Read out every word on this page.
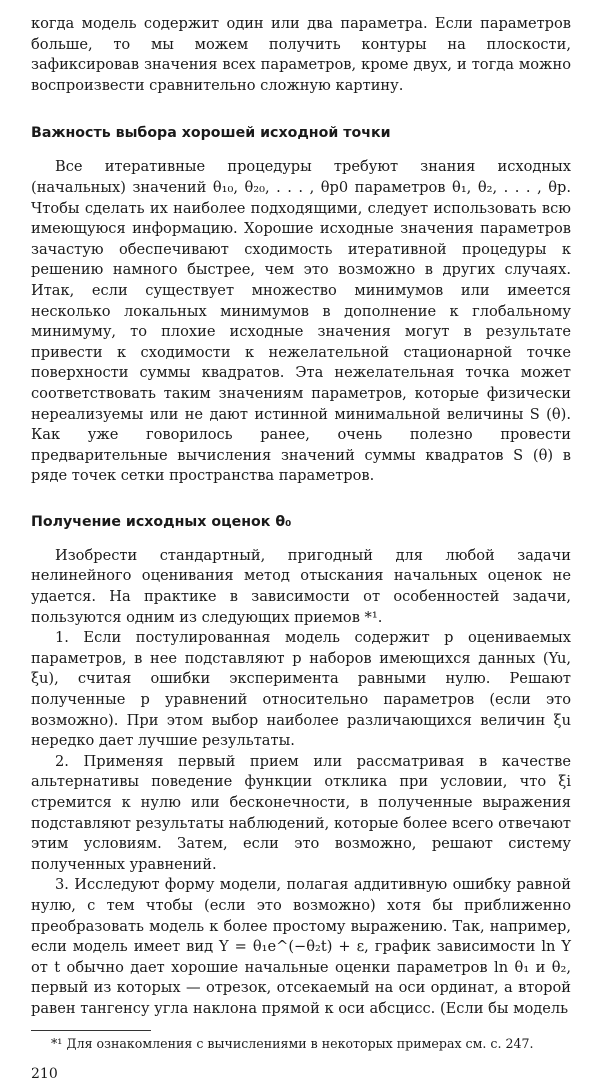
когда модель содержит один или два параметра. Если параметров больше, то мы можем получить контуры на плоскости, зафиксировав значения всех параметров, кроме двух, и тогда можно воспроизвести сравнительно сложную картину.

Важность выбора хорошей исходной точки

Все итеративные процедуры требуют знания исходных (начальных) значений θ₁₀, θ₂₀, . . . , θp0 параметров θ₁, θ₂, . . . , θp. Чтобы сделать их наиболее подходящими, следует использовать всю имеющуюся информацию. Хорошие исходные значения параметров зачастую обеспечивают сходимость итеративной процедуры к решению намного быстрее, чем это возможно в других случаях. Итак, если существует множество минимумов или имеется несколько локальных минимумов в дополнение к глобальному минимуму, то плохие исходные значения могут в результате привести к сходимости к нежелательной стационарной точке поверхности суммы квадратов. Эта нежелательная точка может соответствовать таким значениям параметров, которые физически нереализуемы или не дают истинной минимальной величины S (θ). Как уже говорилось ранее, очень полезно провести предварительные вычисления значений суммы квадратов S (θ) в ряде точек сетки пространства параметров.

Получение исходных оценок θ₀

Изобрести стандартный, пригодный для любой задачи нелинейного оценивания метод отыскания начальных оценок не удается. На практике в зависимости от особенностей задачи, пользуются одним из следующих приемов *¹.

1. Если постулированная модель содержит p оцениваемых параметров, в нее подставляют p наборов имеющихся данных (Yu, ξu), считая ошибки эксперимента равными нулю. Решают полученные p уравнений относительно параметров (если это возможно). При этом выбор наиболее различающихся величин ξu нередко дает лучшие результаты.

2. Применяя первый прием или рассматривая в качестве альтернативы поведение функции отклика при условии, что ξi стремится к нулю или бесконечности, в полученные выражения подставляют результаты наблюдений, которые более всего отвечают этим условиям. Затем, если это возможно, решают систему полученных уравнений.

3. Исследуют форму модели, полагая аддитивную ошибку равной нулю, с тем чтобы (если это возможно) хотя бы приближенно преобразовать модель к более простому выражению. Так, например, если модель имеет вид Y = θ₁e^(−θ₂t) + ε, график зависимости ln Y от t обычно дает хорошие начальные оценки параметров ln θ₁ и θ₂, первый из которых — отрезок, отсекаемый на оси ординат, а второй равен тангенсу угла наклона прямой к оси абсцисс. (Если бы модель

*¹ Для ознакомления с вычислениями в некоторых примерах см. с. 247.
210
